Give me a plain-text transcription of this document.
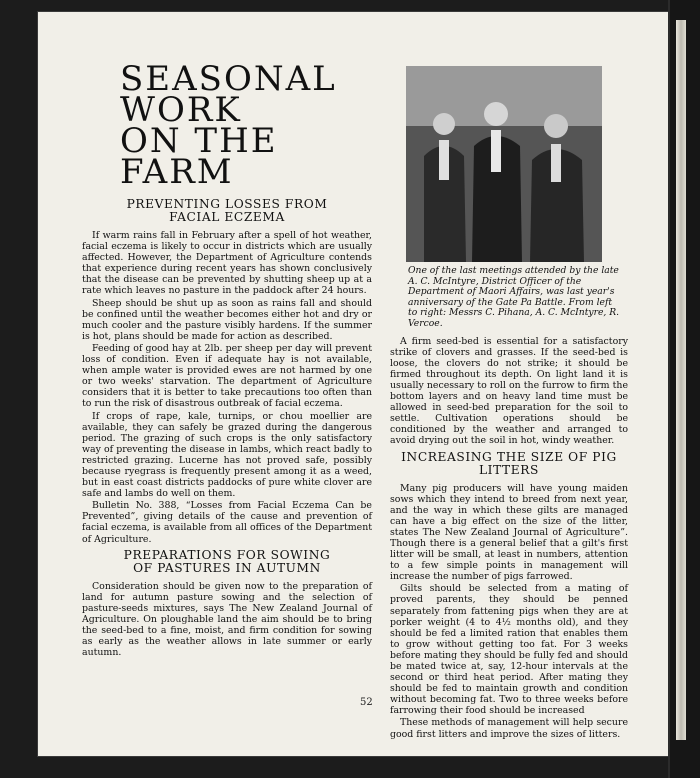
SEASONAL
WORK
ON THE
FARM
PREVENTING LOSSES FROM FACIAL ECZEMA

If warm rains fall in February after a spell of hot weather, facial eczema is likely to occur in districts which are usually affected. However, the Department of Agriculture contends that experience during recent years has shown conclusively that the disease can be prevented by shutting sheep up at a rate which leaves no pasture in the paddock after 24 hours.

Sheep should be shut up as soon as rains fall and should be confined until the weather becomes either hot and dry or much cooler and the pasture visibly hardens. If the summer is hot, plans should be made for action as described.

Feeding of good hay at 2lb. per sheep per day will prevent loss of condition. Even if adequate hay is not available, when ample water is provided ewes are not harmed by one or two weeks' starvation. The department of Agriculture considers that it is better to take precautions too often than to run the risk of disastrous outbreak of facial eczema.

If crops of rape, kale, turnips, or chou moellier are available, they can safely be grazed during the dangerous period. The grazing of such crops is the only satisfactory way of preventing the disease in lambs, which react badly to restricted grazing. Lucerne has not proved safe, possibly because ryegrass is frequently present among it as a weed, but in east coast districts paddocks of pure white clover are safe and lambs do well on them.

Bulletin No. 388, “Losses from Facial Eczema Can be Prevented”, giving details of the cause and prevention of facial eczema, is available from all offices of the Department of Agriculture.

PREPARATIONS FOR SOWING OF PASTURES IN AUTUMN

Consideration should be given now to the preparation of land for autumn pasture sowing and the selection of pasture-seeds mixtures, says The New Zealand Journal of Agriculture. On ploughable land the aim should be to bring the seed-bed to a fine, moist, and firm condition for sowing as early as the weather allows in late summer or early autumn.

One of the last meetings attended by the late A. C. McIntyre, District Officer of the Department of Maori Affairs, was last year's anniversary of the Gate Pa Battle. From left to right: Messrs C. Pihana, A. C. McIntyre, R. Vercoe.

A firm seed-bed is essential for a satisfactory strike of clovers and grasses. If the seed-bed is loose, the clovers do not strike; it should be firmed throughout its depth. On light land it is usually necessary to roll on the furrow to firm the bottom layers and on heavy land time must be allowed in seed-bed preparation for the soil to settle. Cultivation operations should be conditioned by the weather and arranged to avoid drying out the soil in hot, windy weather.

INCREASING THE SIZE OF PIG LITTERS

Many pig producers will have young maiden sows which they intend to breed from next year, and the way in which these gilts are managed can have a big effect on the size of the litter, states The New Zealand Journal of Agriculture”. Though there is a general belief that a gilt's first litter will be small, at least in numbers, attention to a few simple points in management will increase the number of pigs farrowed.

Gilts should be selected from a mating of proved parents, they should be penned separately from fattening pigs when they are at porker weight (4 to 4½ months old), and they should be fed a limited ration that enables them to grow without getting too fat. For 3 weeks before mating they should be fully fed and should be mated twice at, say, 12-hour intervals at the second or third heat period. After mating they should be fed to maintain growth and condition without becoming fat. Two to three weeks before farrowing their food should be increased

These methods of management will help secure good first litters and improve the sizes of litters.

52
